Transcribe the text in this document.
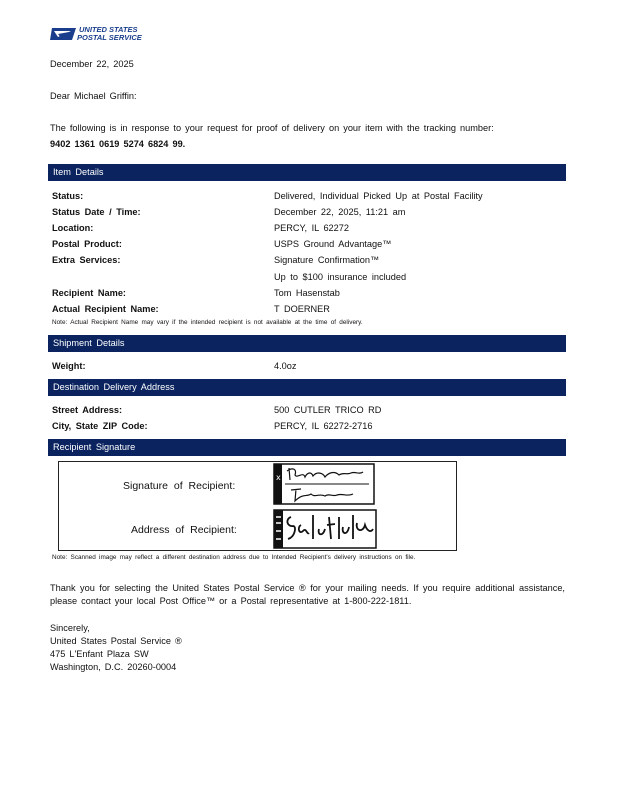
UNITED STATES
POSTAL SERVICE
December 22, 2025
Dear Michael Griffin:
The following is in response to your request for proof of delivery on your item with the tracking number:
9402 1361 0619 5274 6824 99.
Item Details
Status:	Delivered, Individual Picked Up at Postal Facility
Status Date / Time:	December 22, 2025, 11:21 am
Location:	PERCY, IL 62272
Postal Product:	USPS Ground Advantage™
Extra Services:	Signature Confirmation™
Up to $100 insurance included
Recipient Name:	Tom Hasenstab
Actual Recipient Name:	T DOERNER
Note: Actual Recipient Name may vary if the intended recipient is not available at the time of delivery.
Shipment Details
Weight:	4.0oz
Destination Delivery Address
Street Address:	500 CUTLER TRICO RD
City, State ZIP Code:	PERCY, IL 62272-2716
Recipient Signature
Signature of Recipient:
Address of Recipient:
x
Note: Scanned image may reflect a different destination address due to Intended Recipient's delivery instructions on file.

Thank you for selecting the United States Postal Service ® for your mailing needs. If you require additional assistance, please contact your local Post Office™ or a Postal representative at 1-800-222-1811.

Sincerely,
United States Postal Service ®
475 L'Enfant Plaza SW
Washington, D.C. 20260-0004
